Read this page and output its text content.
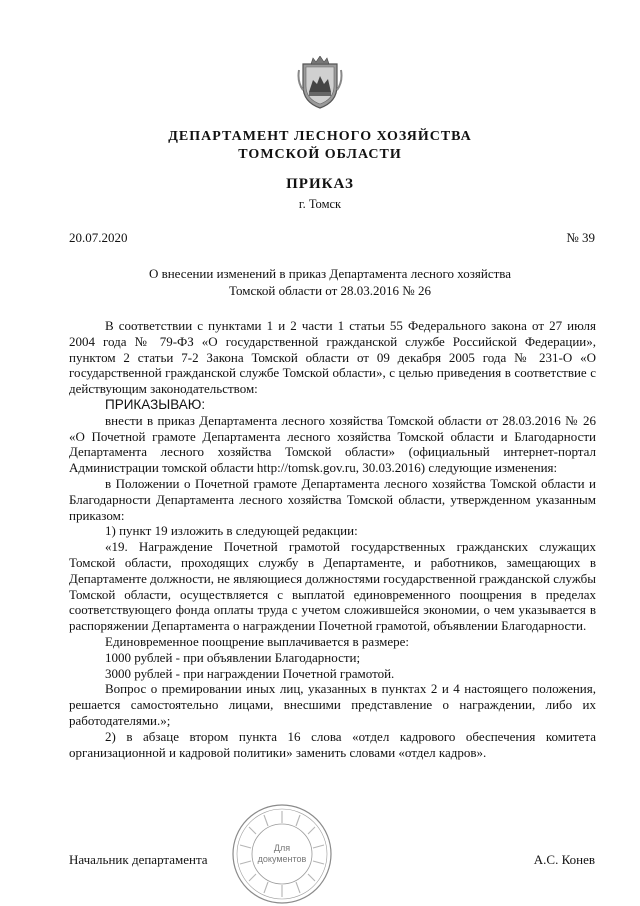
ДЕПАРТАМЕНТ ЛЕСНОГО ХОЗЯЙСТВА
ТОМСКОЙ ОБЛАСТИ
ПРИКАЗ
г. Томск
20.07.2020	№ 39
О внесении изменений в приказ Департамента лесного хозяйства
Томской области от 28.03.2016 № 26

В соответствии с пунктами 1 и 2 части 1 статьи 55 Федерального закона от 27 июля 2004 года № 79-ФЗ «О государственной гражданской службе Российской Федерации», пунктом 2 статьи 7-2 Закона Томской области от 09 декабря 2005 года № 231-О «О государственной гражданской службе Томской области», с целью приведения в соответствие с действующим законодательством:

ПРИКАЗЫВАЮ:

внести в приказ Департамента лесного хозяйства Томской области от 28.03.2016 № 26 «О Почетной грамоте Департамента лесного хозяйства Томской области и Благодарности Департамента лесного хозяйства Томской области» (официальный интернет-портал Администрации томской области http://tomsk.gov.ru, 30.03.2016) следующие изменения:

в Положении о Почетной грамоте Департамента лесного хозяйства Томской области и Благодарности Департамента лесного хозяйства Томской области, утвержденном указанным приказом:

1) пункт 19 изложить в следующей редакции:

«19. Награждение Почетной грамотой государственных гражданских служащих Томской области, проходящих службу в Департаменте, и работников, замещающих в Департаменте должности, не являющиеся должностями государственной гражданской службы Томской области, осуществляется с выплатой единовременного поощрения в пределах соответствующего фонда оплаты труда с учетом сложившейся экономии, о чем указывается в распоряжении Департамента о награждении Почетной грамотой, объявлении Благодарности.

Единовременное поощрение выплачивается в размере:

1000 рублей - при объявлении Благодарности;

3000 рублей - при награждении Почетной грамотой.

Вопрос о премировании иных лиц, указанных в пунктах 2 и 4 настоящего положения, решается самостоятельно лицами, внесшими представление о награждении, либо их работодателями.»;

2) в абзаце втором пункта 16 слова «отдел кадрового обеспечения комитета организационной и кадровой политики» заменить словами «отдел кадров».

Для
документов
Начальник департамента	А.С. Конев
